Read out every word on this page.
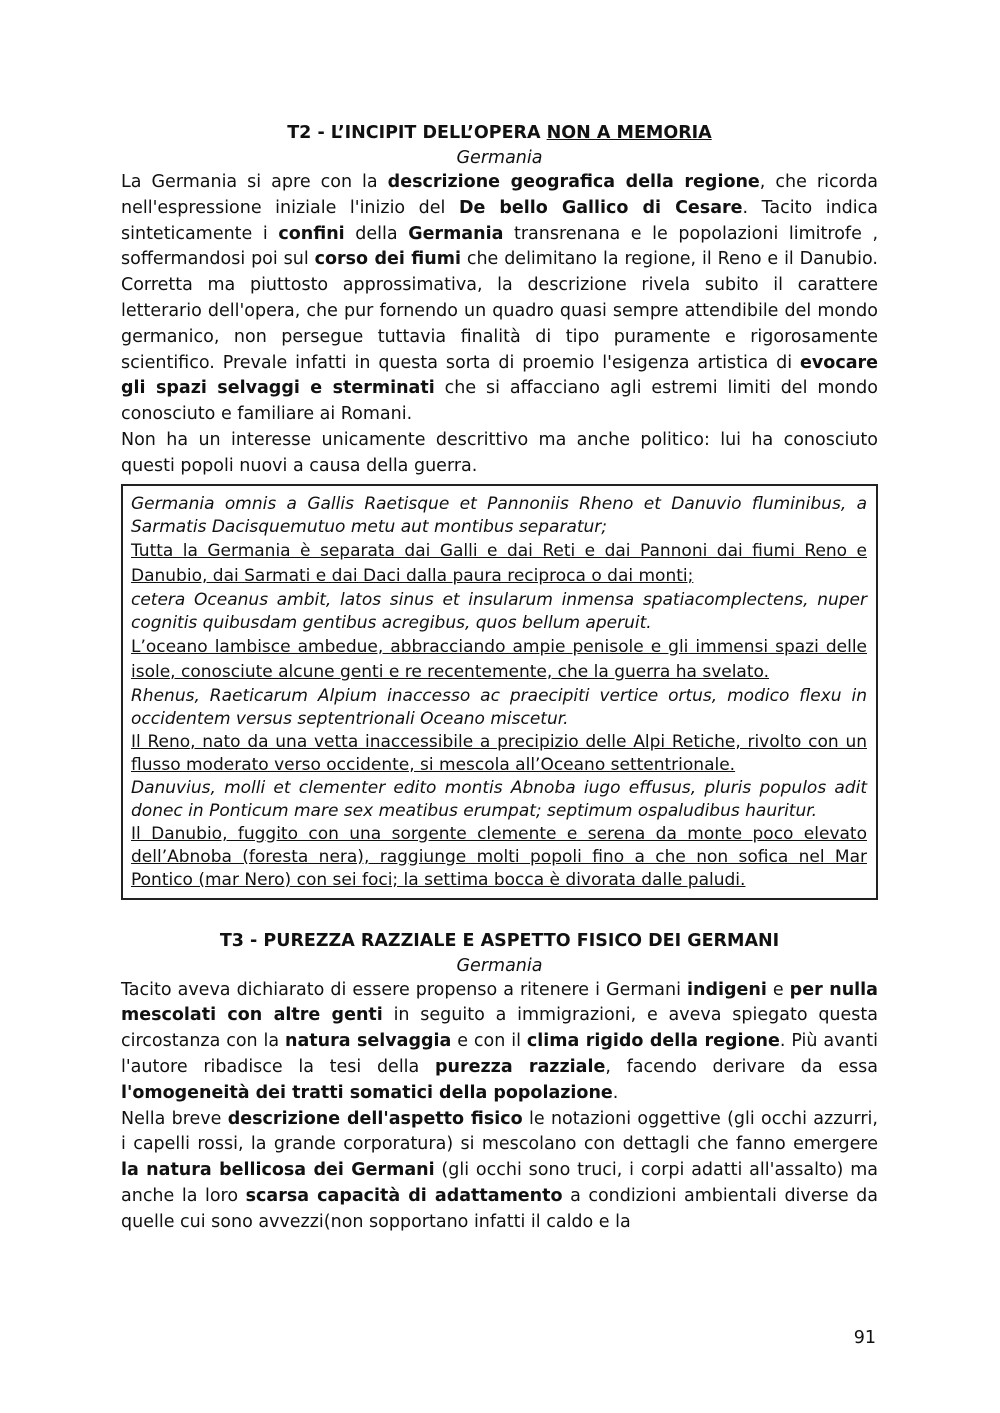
T2 - L’INCIPIT DELL’OPERA NON A MEMORIA

Germania

La Germania si apre con la descrizione geografica della regione, che ricorda nell'espressione iniziale l'inizio del De bello Gallico di Cesare. Tacito indica sinteticamente i confini della Germania transrenana e le popolazioni limitrofe , soffermandosi poi sul corso dei fiumi che delimitano la regione, il Reno e il Danubio. Corretta ma piuttosto approssimativa, la descrizione rivela subito il carattere letterario dell'opera, che pur fornendo un quadro quasi sempre attendibile del mondo germanico, non persegue tuttavia finalità di tipo puramente e rigorosamente scientifico. Prevale infatti in questa sorta di proemio l'esigenza artistica di evocare gli spazi selvaggi e sterminati che si affacciano agli estremi limiti del mondo conosciuto e familiare ai Romani.

Non ha un interesse unicamente descrittivo ma anche politico: lui ha conosciuto questi popoli nuovi a causa della guerra.

Germania omnis a Gallis Raetisque et Pannoniis Rheno et Danuvio fluminibus, a Sarmatis Dacisquemutuo metu aut montibus separatur;

Tutta la Germania è separata dai Galli e dai Reti e dai Pannoni dai fiumi Reno e Danubio, dai Sarmati e dai Daci dalla paura reciproca o dai monti;

cetera Oceanus ambit, latos sinus et insularum inmensa spatiacomplectens, nuper cognitis quibusdam gentibus acregibus, quos bellum aperuit.

L’oceano lambisce ambedue, abbracciando ampie penisole e gli immensi spazi delle isole, conosciute alcune genti e re recentemente, che la guerra ha svelato.

Rhenus, Raeticarum Alpium inaccesso ac praecipiti vertice ortus, modico flexu in occidentem versus septentrionali Oceano miscetur.

Il Reno, nato da una vetta inaccessibile a precipizio delle Alpi Retiche, rivolto con un flusso moderato verso occidente, si mescola all’Oceano settentrionale.

Danuvius, molli et clementer edito montis Abnoba iugo effusus, pluris populos adit donec in Ponticum mare sex meatibus erumpat; septimum ospaludibus hauritur.

Il Danubio, fuggito con una sorgente clemente e serena da monte poco elevato dell’Abnoba (foresta nera), raggiunge molti popoli fino a che non sofica nel Mar Pontico (mar Nero) con sei foci; la settima bocca è divorata dalle paludi.

T3 - PUREZZA RAZZIALE E ASPETTO FISICO DEI GERMANI

Germania

Tacito aveva dichiarato di essere propenso a ritenere i Germani indigeni e per nulla mescolati con altre genti in seguito a immigrazioni, e aveva spiegato questa circostanza con la natura selvaggia e con il clima rigido della regione. Più avanti l'autore ribadisce la tesi della purezza razziale, facendo derivare da essa l'omogeneità dei tratti somatici della popolazione.

Nella breve descrizione dell'aspetto fisico le notazioni oggettive (gli occhi azzurri, i capelli rossi, la grande corporatura) si mescolano con dettagli che fanno emergere la natura bellicosa dei Germani (gli occhi sono truci, i corpi adatti all'assalto) ma anche la loro scarsa capacità di adattamento a condizioni ambientali diverse da quelle cui sono avvezzi(non sopportano infatti il caldo e la

91
